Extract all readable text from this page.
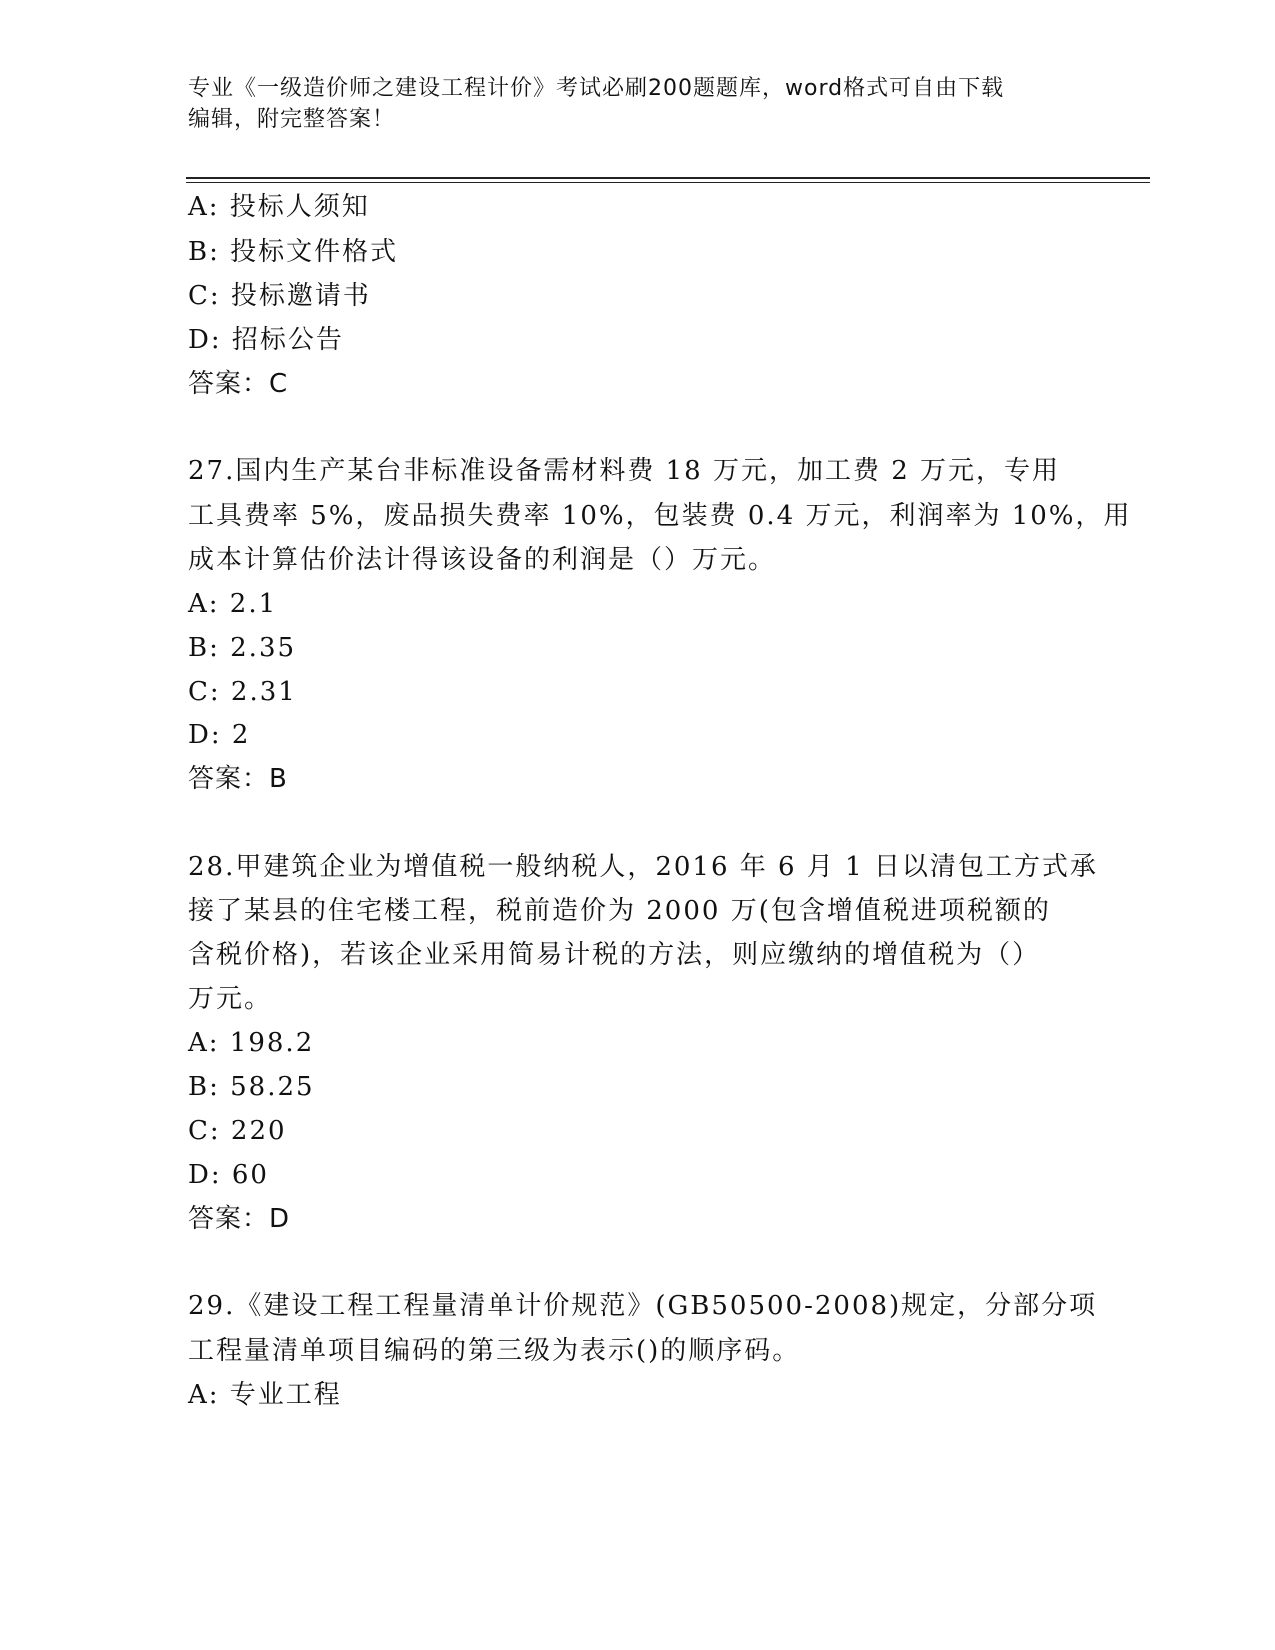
专业《一级造价师之建设工程计价》考试必刷200题题库，word格式可自由下载
编辑，附完整答案！
A: 投标人须知
B: 投标文件格式
C: 投标邀请书
D: 招标公告
答案：C
27.国内生产某台非标准设备需材料费 18 万元，加工费 2 万元，专用
工具费率 5%，废品损失费率 10%，包装费 0.4 万元，利润率为 10%，用
成本计算估价法计得该设备的利润是（）万元。
A: 2.1
B: 2.35
C: 2.31
D: 2
答案：B
28.甲建筑企业为增值税一般纳税人，2016 年 6 月 1 日以清包工方式承
接了某县的住宅楼工程，税前造价为 2000 万(包含增值税进项税额的
含税价格)，若该企业采用简易计税的方法，则应缴纳的增值税为（）
万元。
A: 198.2
B: 58.25
C: 220
D: 60
答案：D
29.《建设工程工程量清单计价规范》(GB50500-2008)规定，分部分项
工程量清单项目编码的第三级为表示()的顺序码。
A: 专业工程
